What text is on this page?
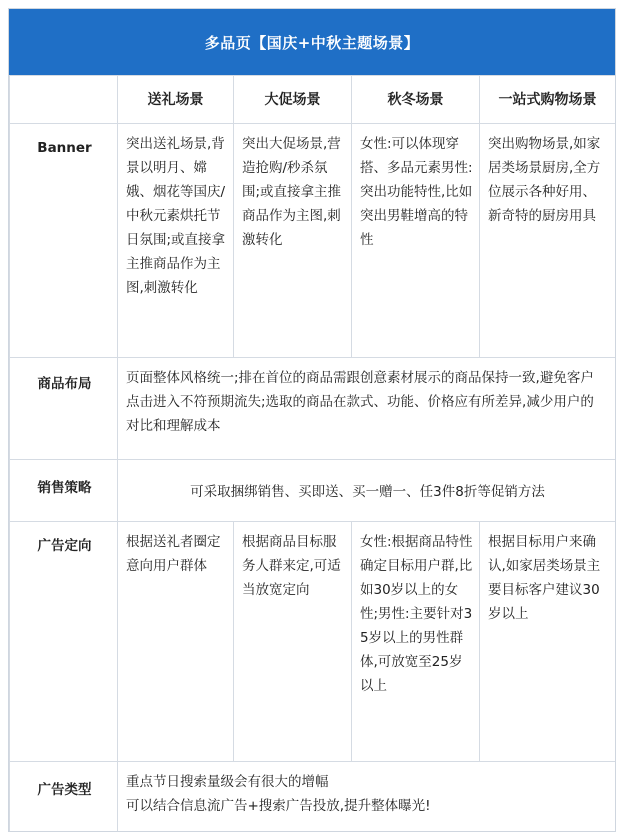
多品页【国庆+中秋主题场景】
	送礼场景	大促场景	秋冬场景	一站式购物场景
Banner	突出送礼场景,背景以明月、嫦娥、烟花等国庆/中秋元素烘托节日氛围;或直接拿主推商品作为主图,刺激转化	突出大促场景,营造抢购/秒杀氛围;或直接拿主推商品作为主图,刺激转化	女性:可以体现穿搭、多品元素男性:突出功能特性,比如突出男鞋增高的特性	突出购物场景,如家居类场景厨房,全方位展示各种好用、新奇特的厨房用具
商品布局	页面整体风格统一;排在首位的商品需跟创意素材展示的商品保持一致,避免客户点击进入不符预期流失;选取的商品在款式、功能、价格应有所差异,减少用户的对比和理解成本			
销售策略	可采取捆绑销售、买即送、买一赠一、任3件8折等促销方法			
广告定向	根据送礼者圈定意向用户群体	根据商品目标服务人群来定,可适当放宽定向	女性:根据商品特性确定目标用户群,比如30岁以上的女性;男性:主要针对35岁以上的男性群体,可放宽至25岁以上	根据目标用户来确认,如家居类场景主要目标客户建议30岁以上
广告类型	重点节日搜索量级会有很大的增幅
可以结合信息流广告+搜索广告投放,提升整体曝光!			
